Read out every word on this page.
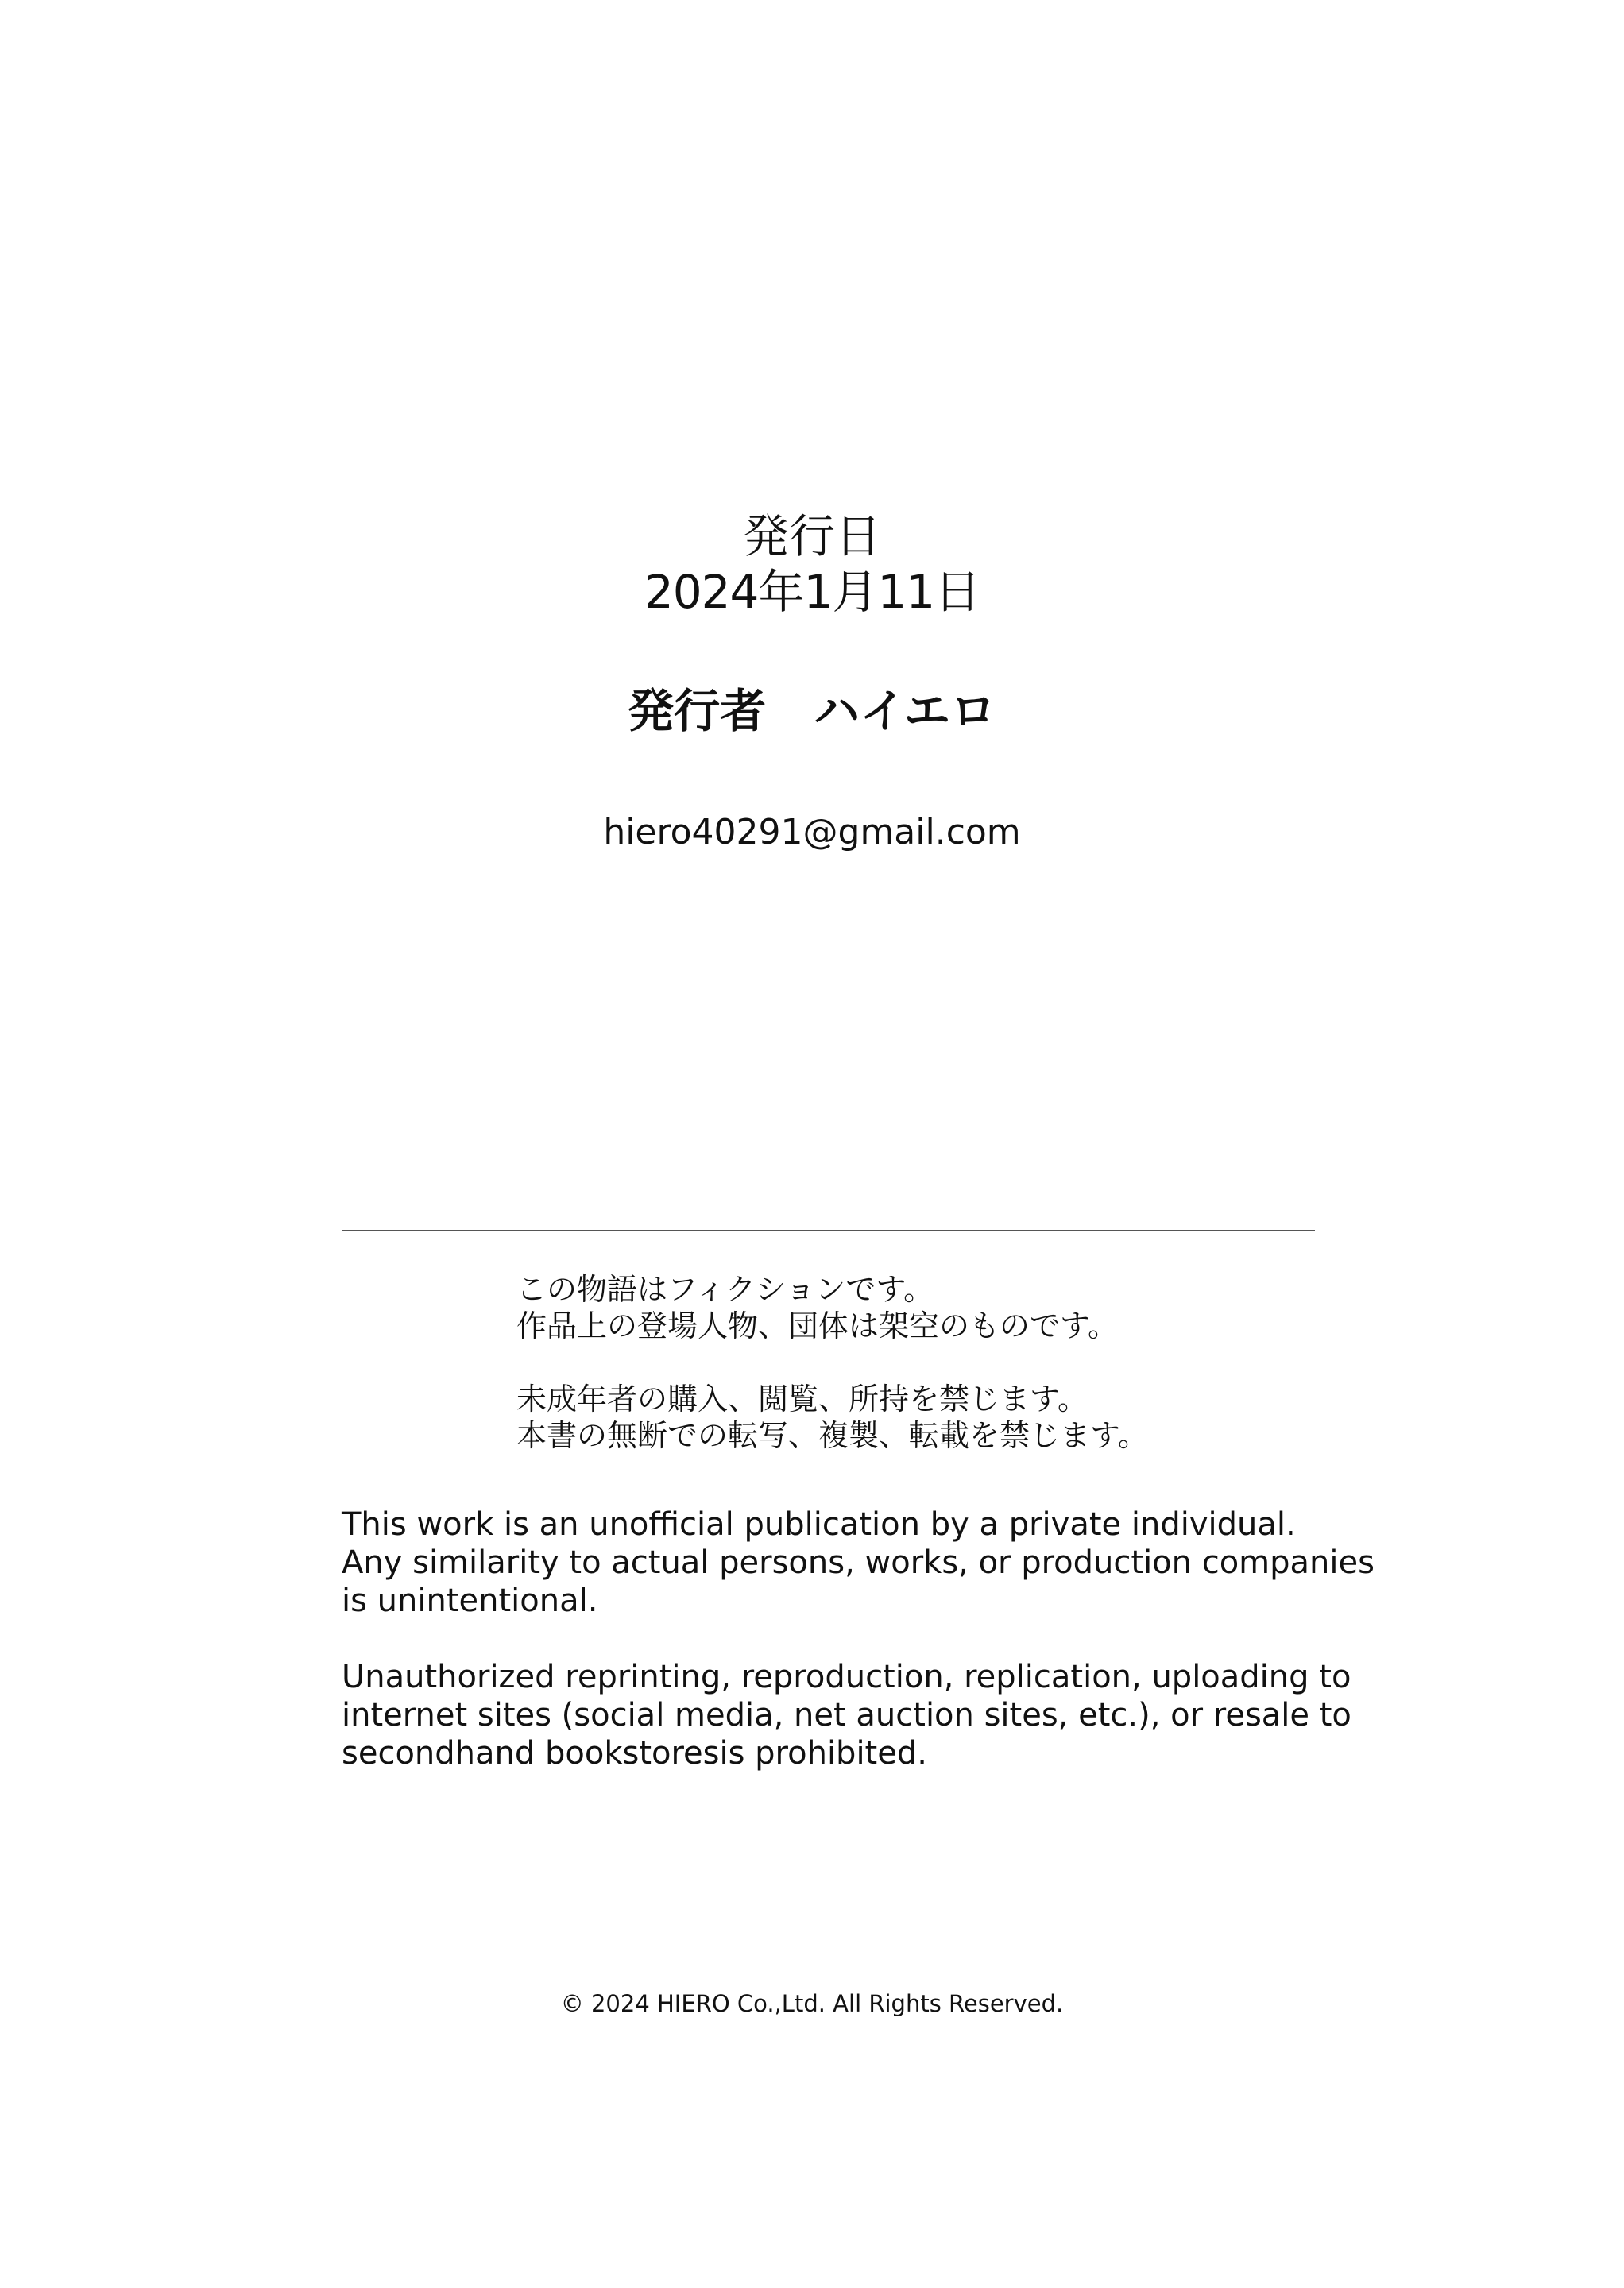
発行日
2024年1月11日
発行者 ハイエロ
hiero40291@gmail.com
この物語はフィクションです。
作品上の登場人物、団体は架空のものです。
未成年者の購入、閲覧、所持を禁じます。
本書の無断での転写、複製、転載を禁じます。
This work is an unofficial publication by a private individual.
Any similarity to actual persons, works, or production companies
is unintentional.
Unauthorized reprinting, reproduction, replication, uploading to
internet sites (social media, net auction sites, etc.), or resale to
secondhand bookstoresis prohibited.
© 2024 HIERO Co.,Ltd. All Rights Reserved.
